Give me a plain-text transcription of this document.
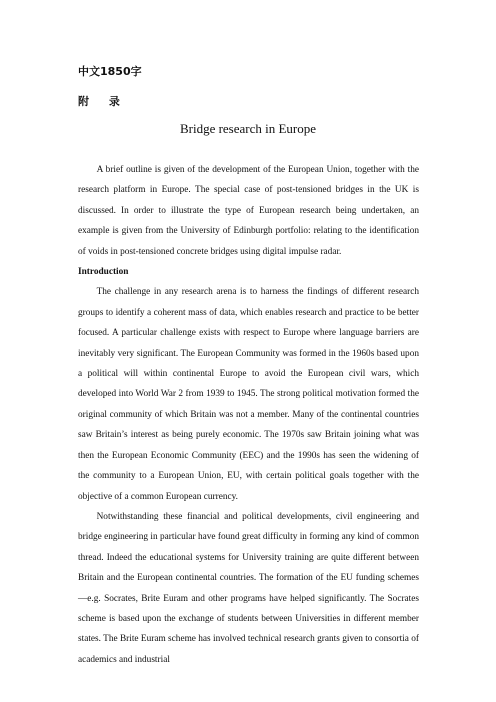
中文1850字
附 录
Bridge research in Europe

A brief outline is given of the development of the European Union, together with the research platform in Europe. The special case of post-tensioned bridges in the UK is discussed. In order to illustrate the type of European research being undertaken, an example is given from the University of Edinburgh portfolio: relating to the identification of voids in post-tensioned concrete bridges using digital impulse radar.

Introduction

The challenge in any research arena is to harness the findings of different research groups to identify a coherent mass of data, which enables research and practice to be better focused. A particular challenge exists with respect to Europe where language barriers are inevitably very significant. The European Community was formed in the 1960s based upon a political will within continental Europe to avoid the European civil wars, which developed into World War 2 from 1939 to 1945. The strong political motivation formed the original community of which Britain was not a member. Many of the continental countries saw Britain’s interest as being purely economic. The 1970s saw Britain joining what was then the European Economic Community (EEC) and the 1990s has seen the widening of the community to a European Union, EU, with certain political goals together with the objective of a common European currency.

Notwithstanding these financial and political developments, civil engineering and bridge engineering in particular have found great difficulty in forming any kind of common thread. Indeed the educational systems for University training are quite different between Britain and the European continental countries. The formation of the EU funding schemes —e.g. Socrates, Brite Euram and other programs have helped significantly. The Socrates scheme is based upon the exchange of students between Universities in different member states. The Brite Euram scheme has involved technical research grants given to consortia of academics and industrial
